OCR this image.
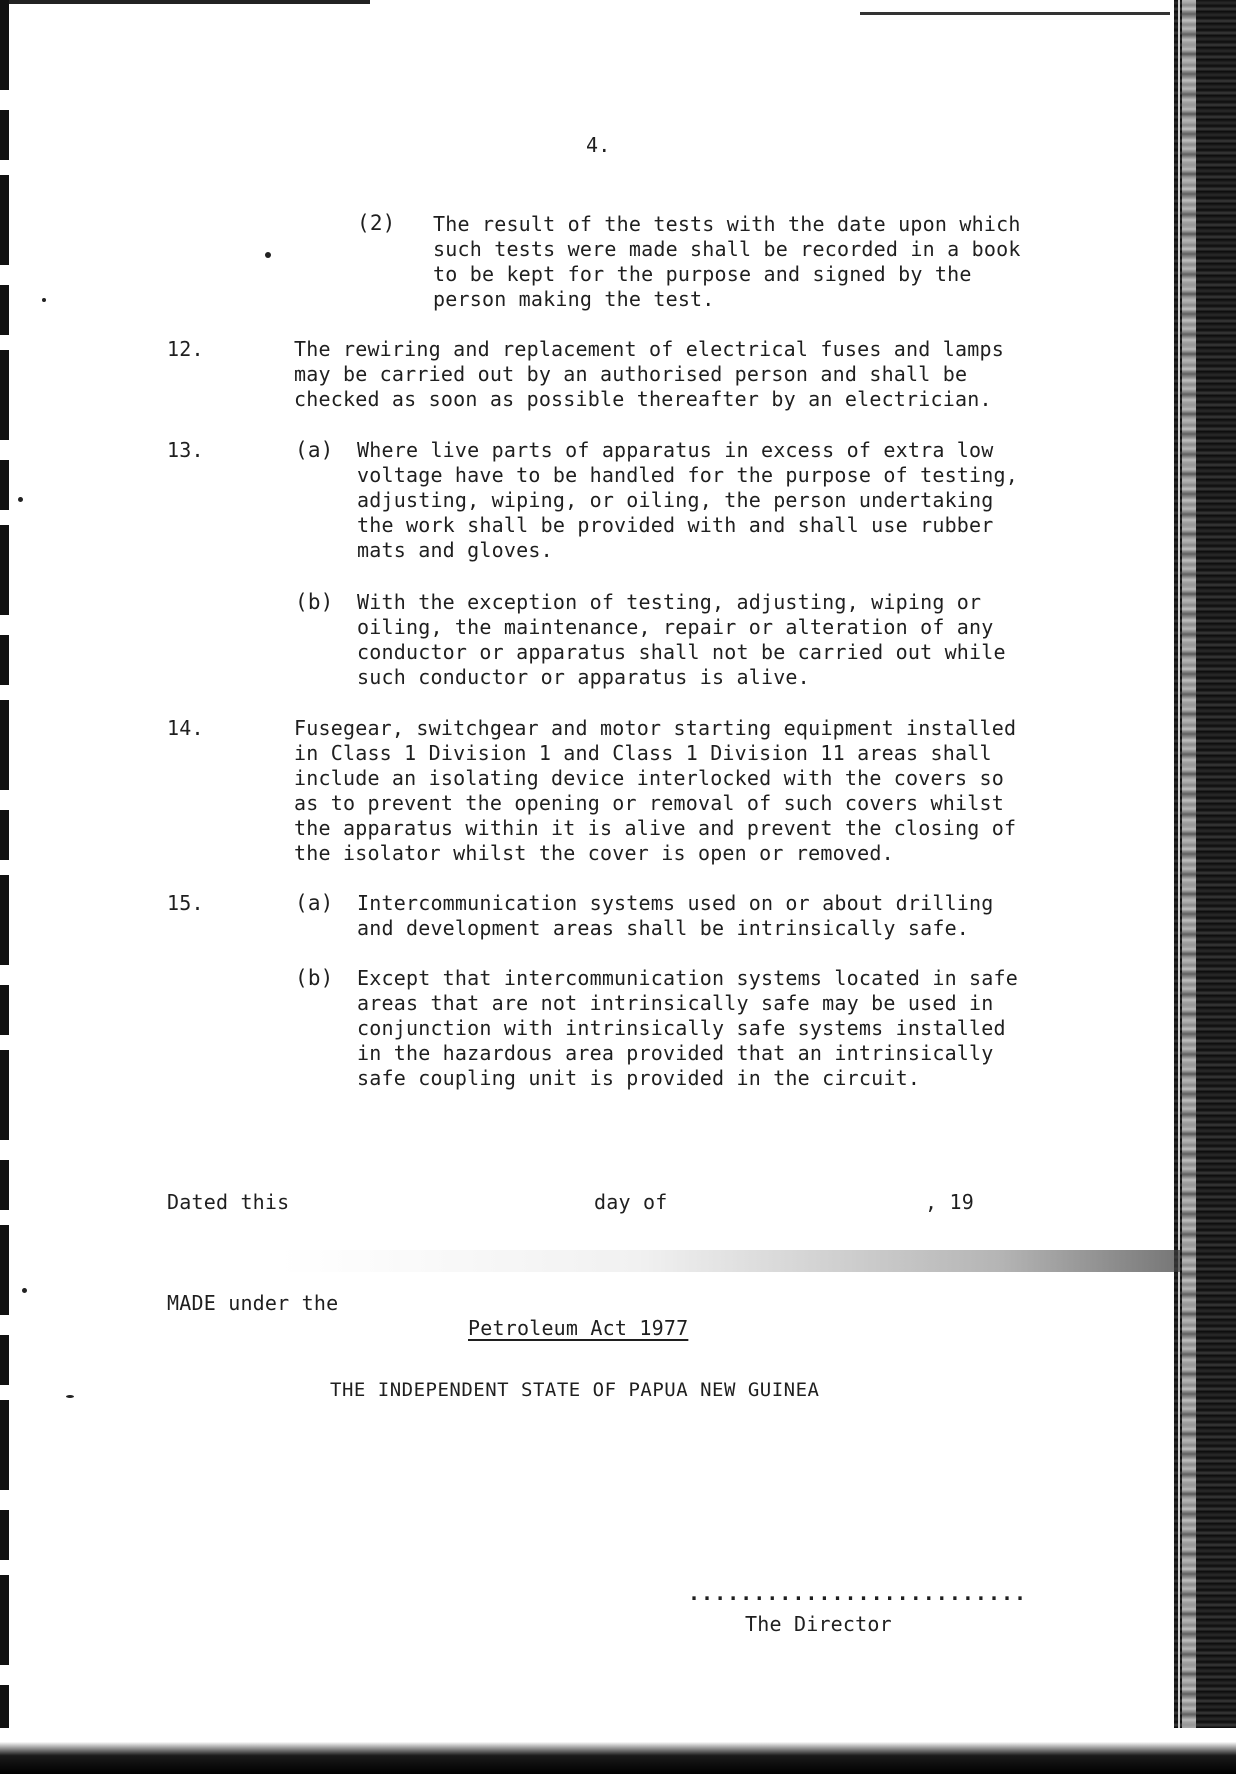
4.
(2) The result of the tests with the date upon which
such tests were made shall be recorded in a book
to be kept for the purpose and signed by the
person making the test.
12.	The rewiring and replacement of electrical fuses and lamps
may be carried out by an authorised person and shall be
checked as soon as possible thereafter by an electrician.
13.	(a) Where live parts of apparatus in excess of extra low
voltage have to be handled for the purpose of testing,
adjusting, wiping, or oiling, the person undertaking
the work shall be provided with and shall use rubber
mats and gloves.
(b) With the exception of testing, adjusting, wiping or
oiling, the maintenance, repair or alteration of any
conductor or apparatus shall not be carried out while
such conductor or apparatus is alive.
14.	Fusegear, switchgear and motor starting equipment installed
in Class 1 Division 1 and Class 1 Division 11 areas shall
include an isolating device interlocked with the covers so
as to prevent the opening or removal of such covers whilst
the apparatus within it is alive and prevent the closing of
the isolator whilst the cover is open or removed.
15.	(a) Intercommunication systems used on or about drilling
and development areas shall be intrinsically safe.
(b) Except that intercommunication systems located in safe
areas that are not intrinsically safe may be used in
conjunction with intrinsically safe systems installed
in the hazardous area provided that an intrinsically
safe coupling unit is provided in the circuit.
Dated this	day of	, 19
MADE under the
Petroleum Act 1977
THE INDEPENDENT STATE OF PAPUA NEW GUINEA
..........................
The Director
